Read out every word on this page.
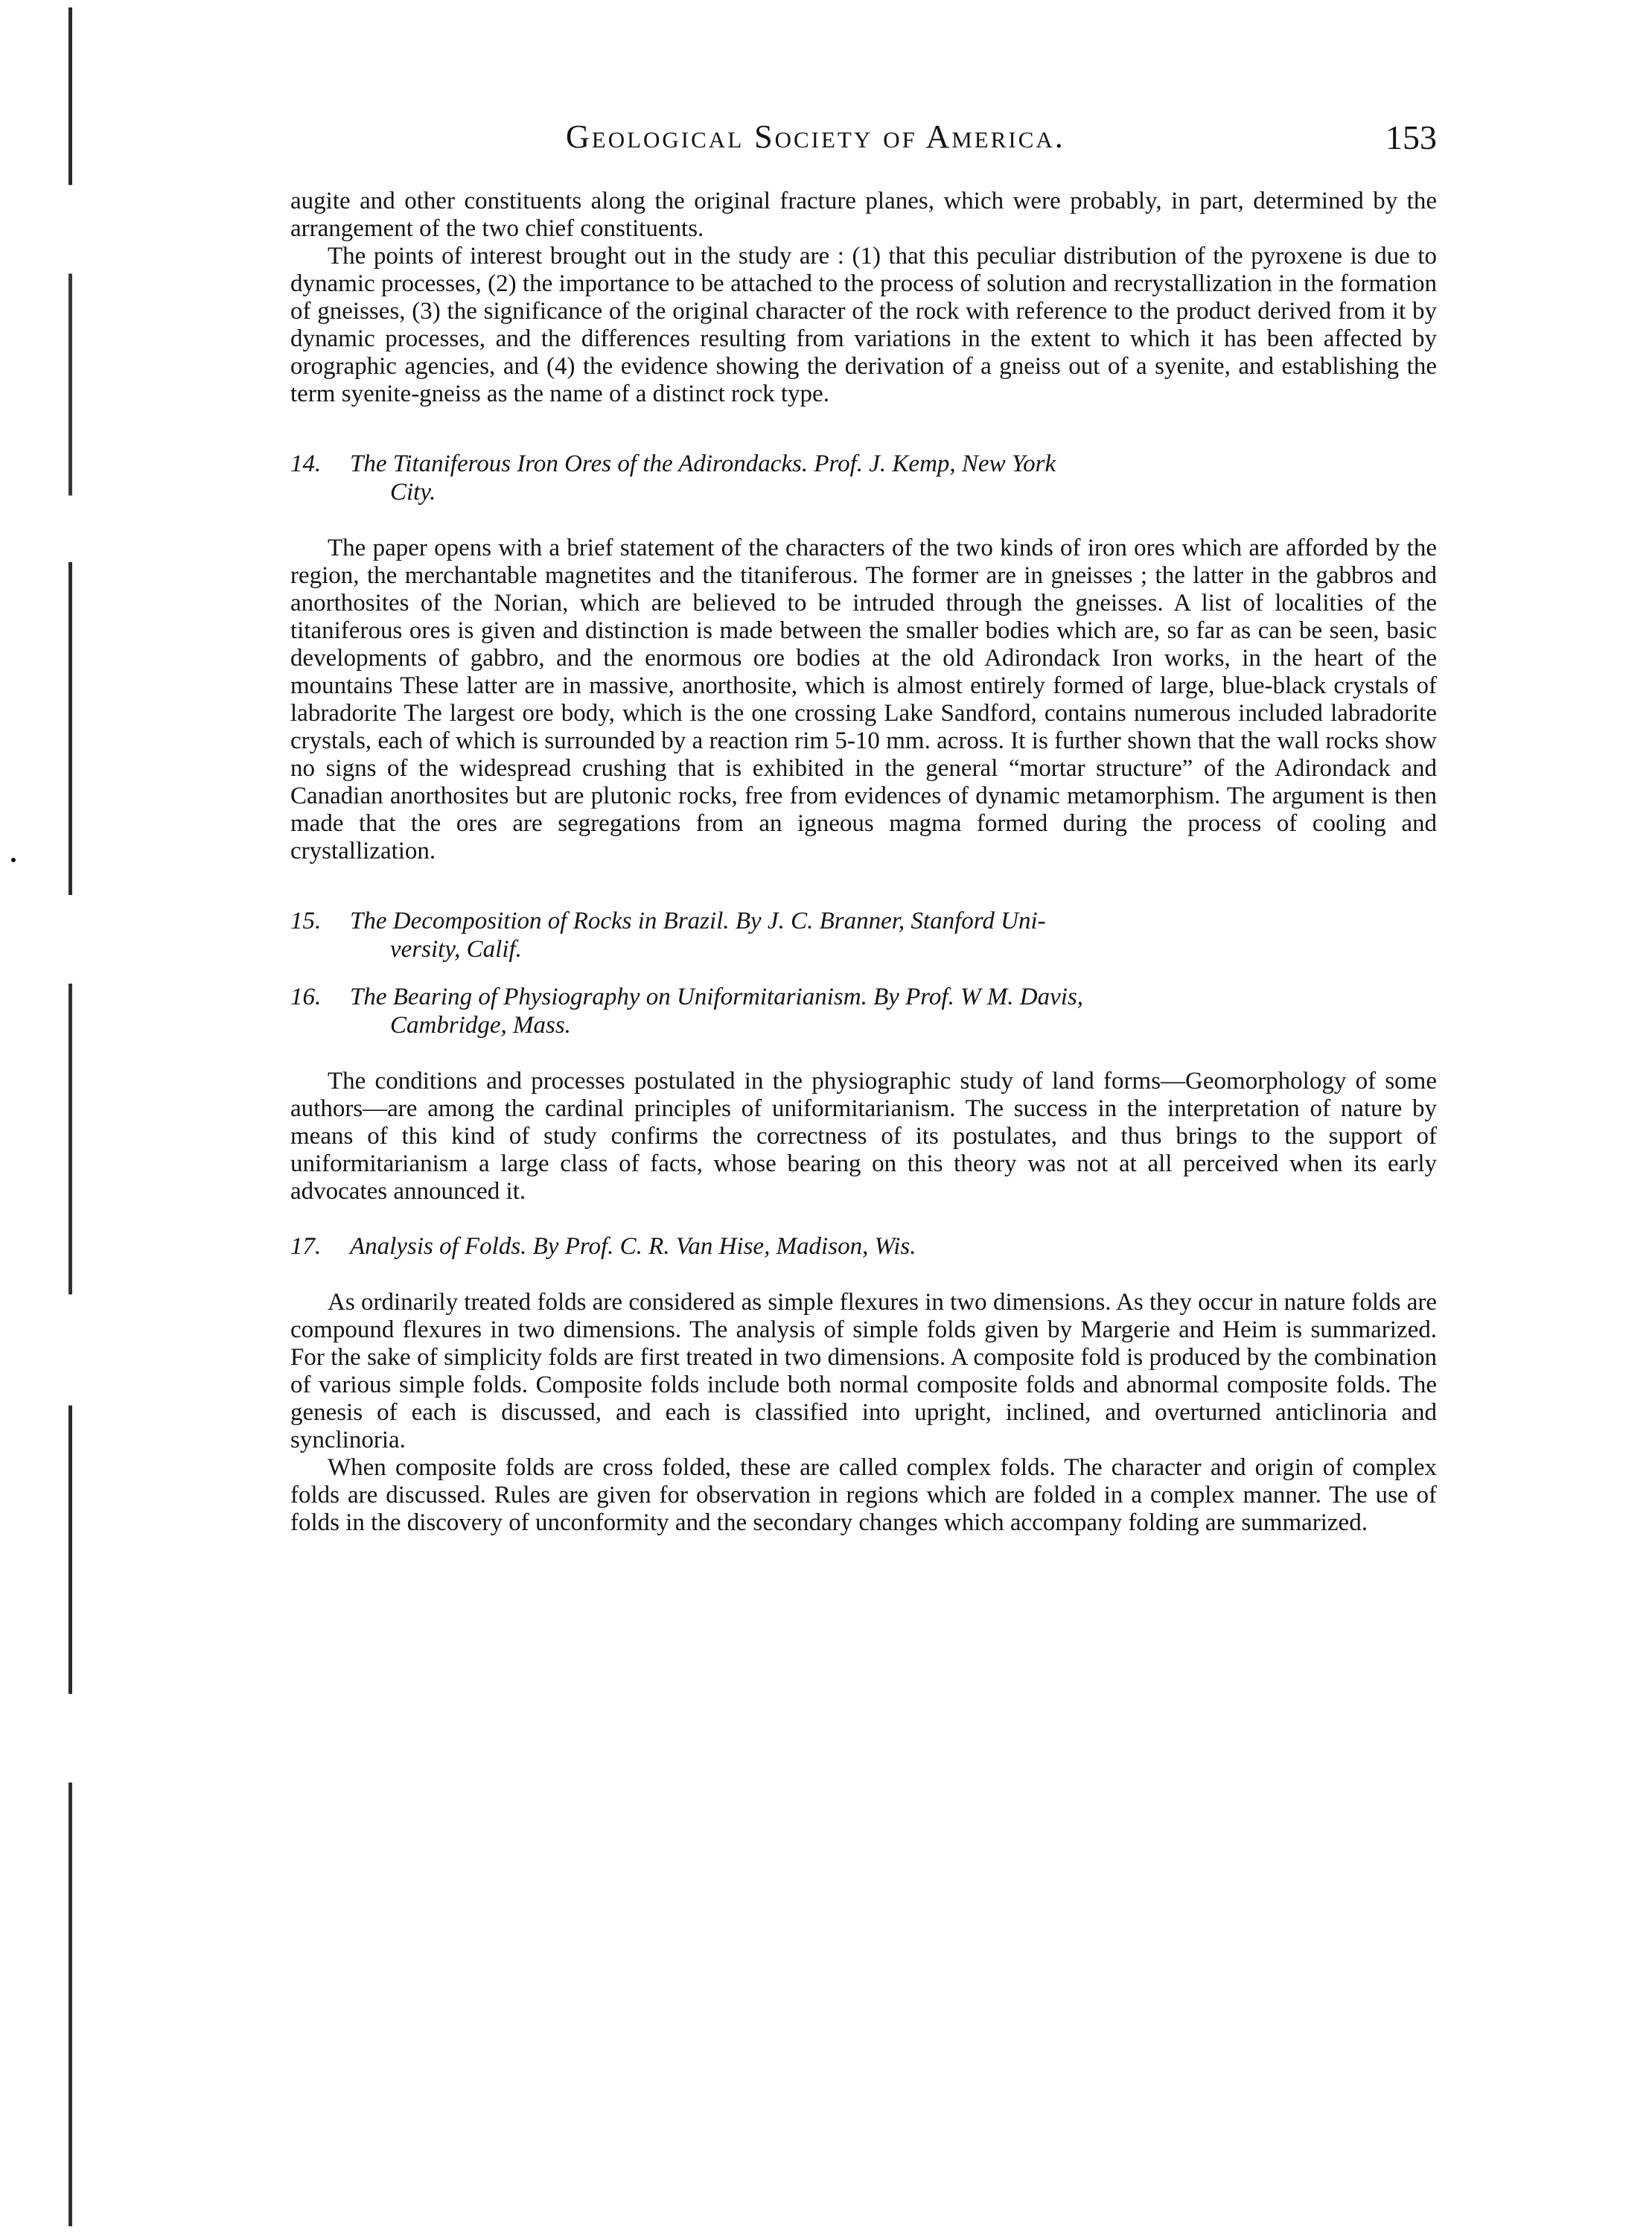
Geological Society of America.	153

augite and other constituents along the original fracture planes, which were probably, in part, determined by the arrangement of the two chief constituents.

The points of interest brought out in the study are : (1) that this peculiar distribution of the pyroxene is due to dynamic processes, (2) the importance to be attached to the process of solution and recrystallization in the formation of gneisses, (3) the significance of the original character of the rock with reference to the product derived from it by dynamic processes, and the differences resulting from variations in the extent to which it has been affected by orographic agencies, and (4) the evidence showing the derivation of a gneiss out of a syenite, and establishing the term syenite-gneiss as the name of a distinct rock type.

14.	The Titaniferous Iron Ores of the Adirondacks. Prof. J. Kemp, New York
City.

The paper opens with a brief statement of the characters of the two kinds of iron ores which are afforded by the region, the merchantable magnetites and the titaniferous. The former are in gneisses ; the latter in the gabbros and anorthosites of the Norian, which are believed to be intruded through the gneisses. A list of localities of the titaniferous ores is given and distinction is made between the smaller bodies which are, so far as can be seen, basic developments of gabbro, and the enormous ore bodies at the old Adirondack Iron works, in the heart of the mountains These latter are in massive, anorthosite, which is almost entirely formed of large, blue-black crystals of labradorite The largest ore body, which is the one crossing Lake Sandford, contains numerous included labradorite crystals, each of which is surrounded by a reaction rim 5-10 mm. across. It is further shown that the wall rocks show no signs of the widespread crushing that is exhibited in the general “mortar structure” of the Adirondack and Canadian anorthosites but are plutonic rocks, free from evidences of dynamic metamorphism. The argument is then made that the ores are segregations from an igneous magma formed during the process of cooling and crystallization.

15.	The Decomposition of Rocks in Brazil. By J. C. Branner, Stanford Uni-
versity, Calif.
16.	The Bearing of Physiography on Uniformitarianism. By Prof. W M. Davis,
Cambridge, Mass.

The conditions and processes postulated in the physiographic study of land forms—Geomorphology of some authors—are among the cardinal principles of uniformitarianism. The success in the interpretation of nature by means of this kind of study confirms the correctness of its postulates, and thus brings to the support of uniformitarianism a large class of facts, whose bearing on this theory was not at all perceived when its early advocates announced it.

17.	Analysis of Folds. By Prof. C. R. Van Hise, Madison, Wis.

As ordinarily treated folds are considered as simple flexures in two dimensions. As they occur in nature folds are compound flexures in two dimensions. The analysis of simple folds given by Margerie and Heim is summarized. For the sake of simplicity folds are first treated in two dimensions. A composite fold is produced by the combination of various simple folds. Composite folds include both normal composite folds and abnormal composite folds. The genesis of each is discussed, and each is classified into upright, inclined, and overturned anticlinoria and synclinoria.

When composite folds are cross folded, these are called complex folds. The character and origin of complex folds are discussed. Rules are given for observation in regions which are folded in a complex manner. The use of folds in the discovery of unconformity and the secondary changes which accompany folding are summarized.
